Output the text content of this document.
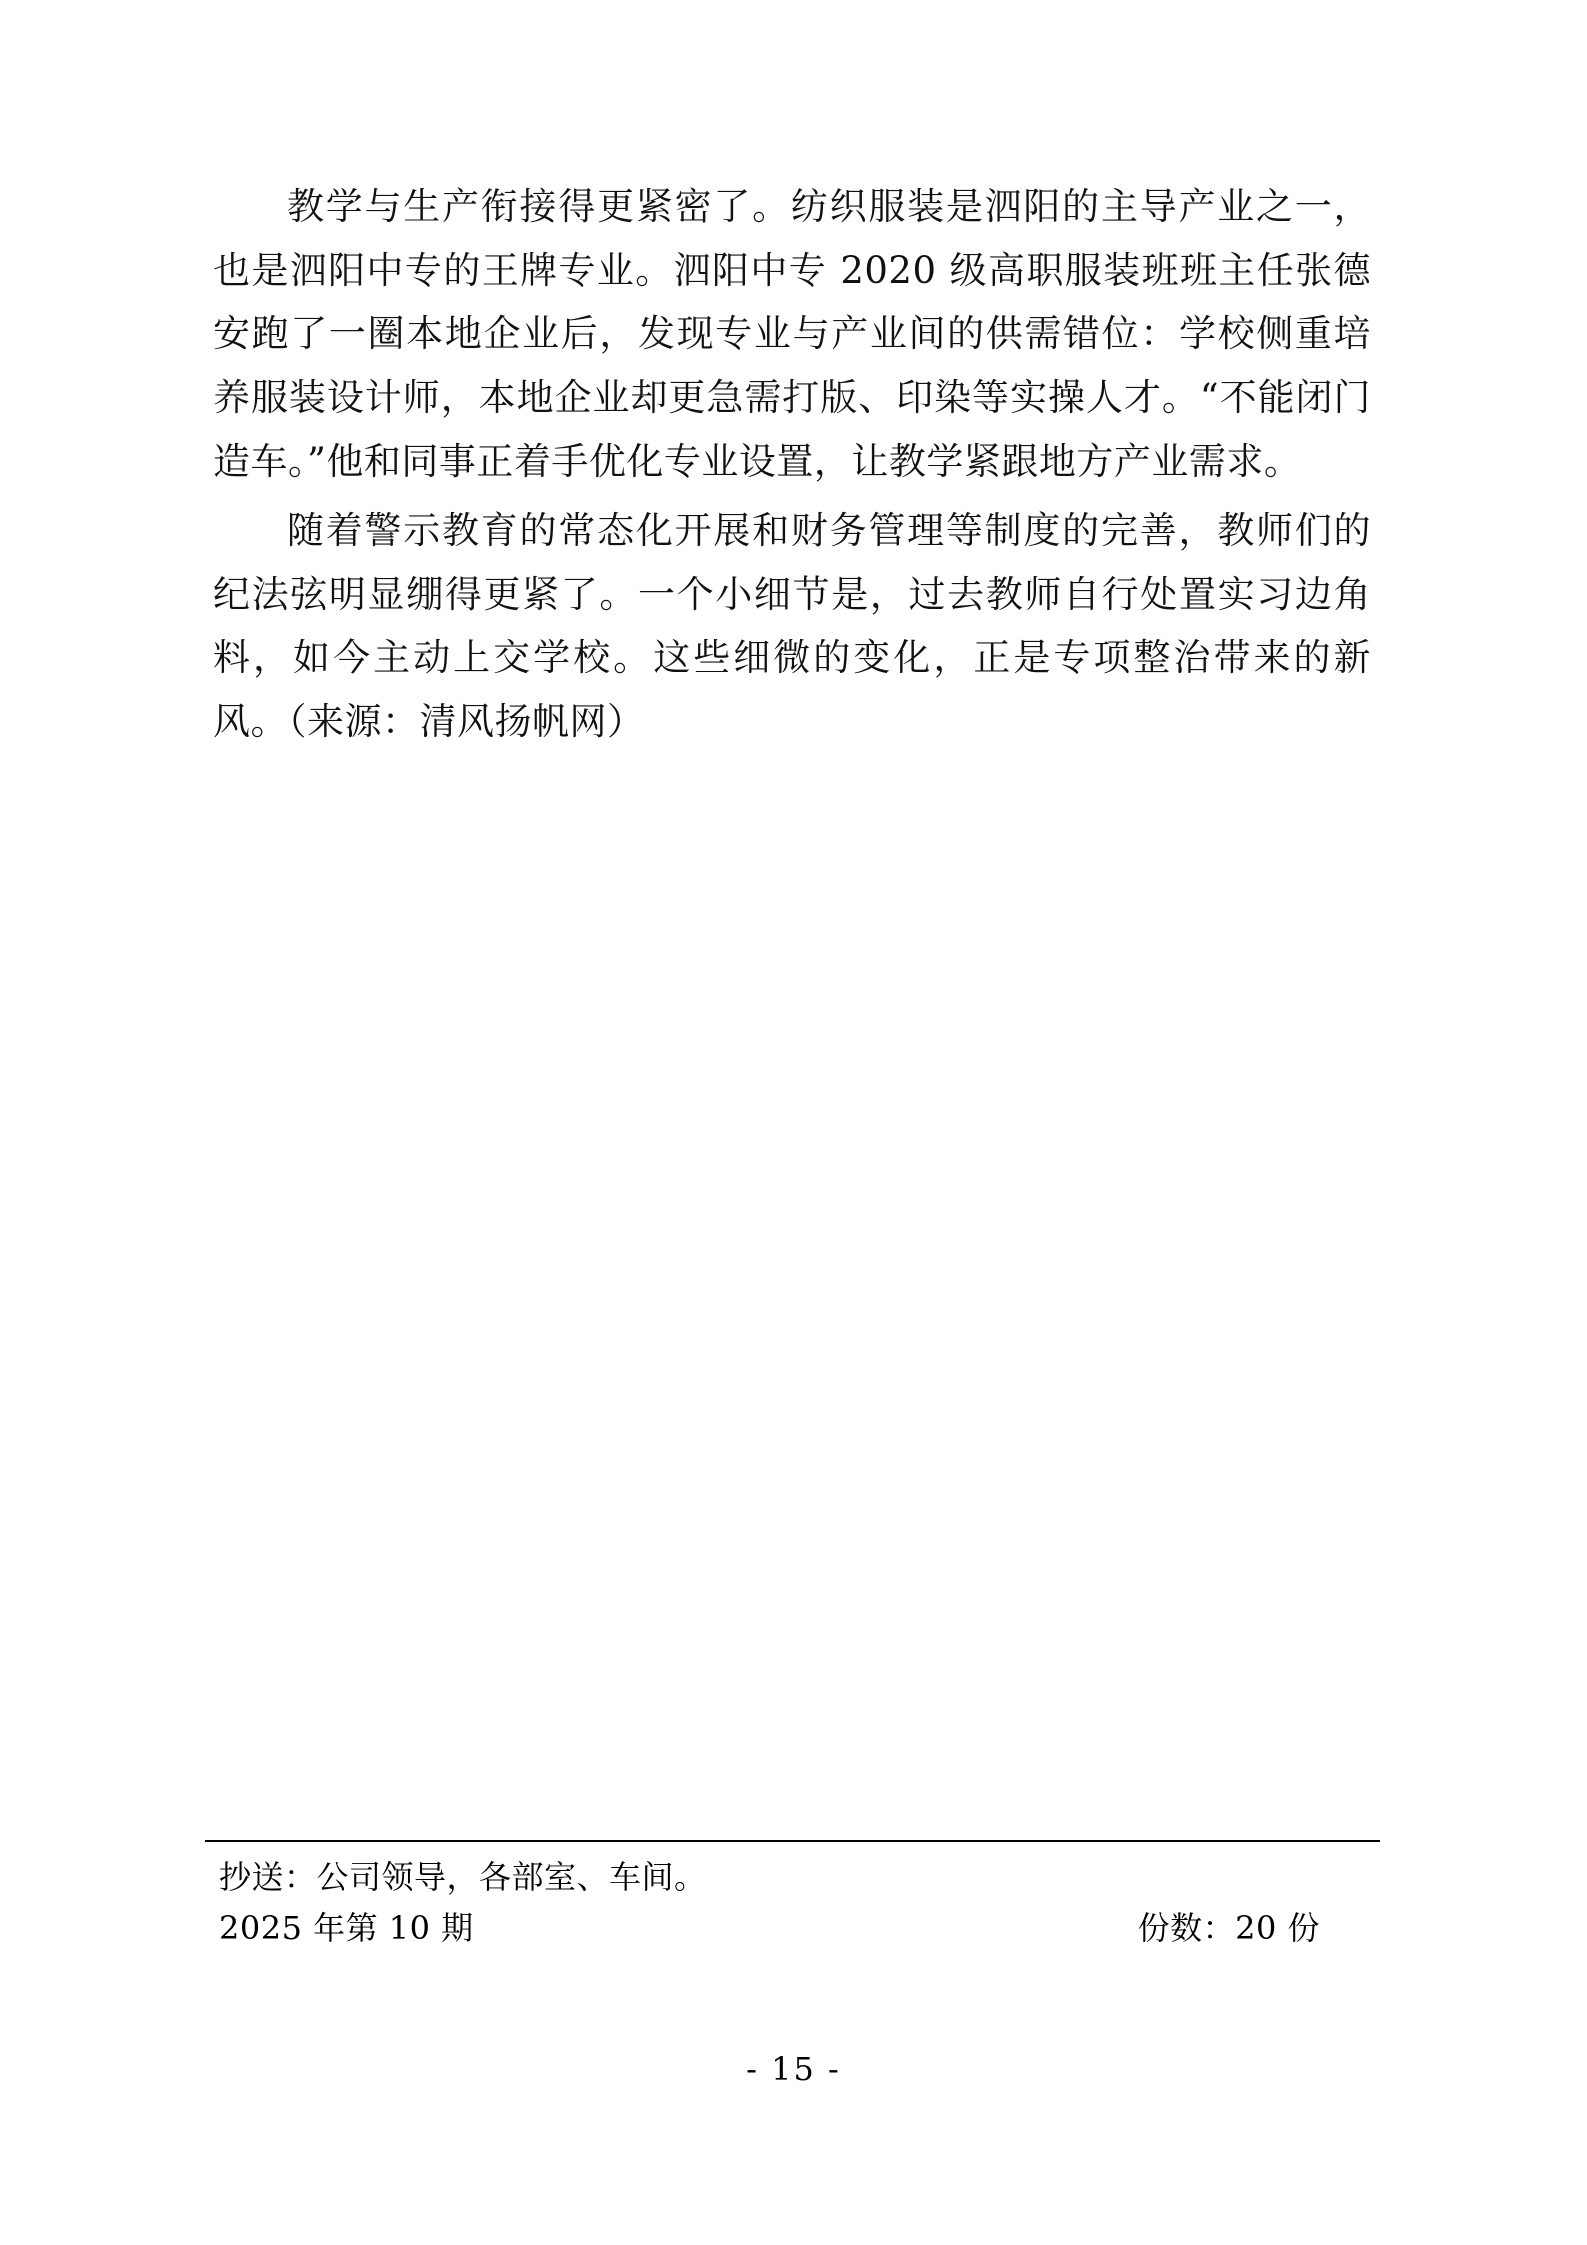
教学与生产衔接得更紧密了。纺织服装是泗阳的主导产业之一，也是泗阳中专的王牌专业。泗阳中专 2020 级高职服装班班主任张德安跑了一圈本地企业后，发现专业与产业间的供需错位：学校侧重培养服装设计师，本地企业却更急需打版、印染等实操人才。“不能闭门造车。”他和同事正着手优化专业设置，让教学紧跟地方产业需求。

随着警示教育的常态化开展和财务管理等制度的完善，教师们的纪法弦明显绷得更紧了。一个小细节是，过去教师自行处置实习边角料，如今主动上交学校。这些细微的变化，正是专项整治带来的新风。（来源：清风扬帆网）

抄送：公司领导，各部室、车间。
2025 年第 10 期	份数：20 份
- 15 -
